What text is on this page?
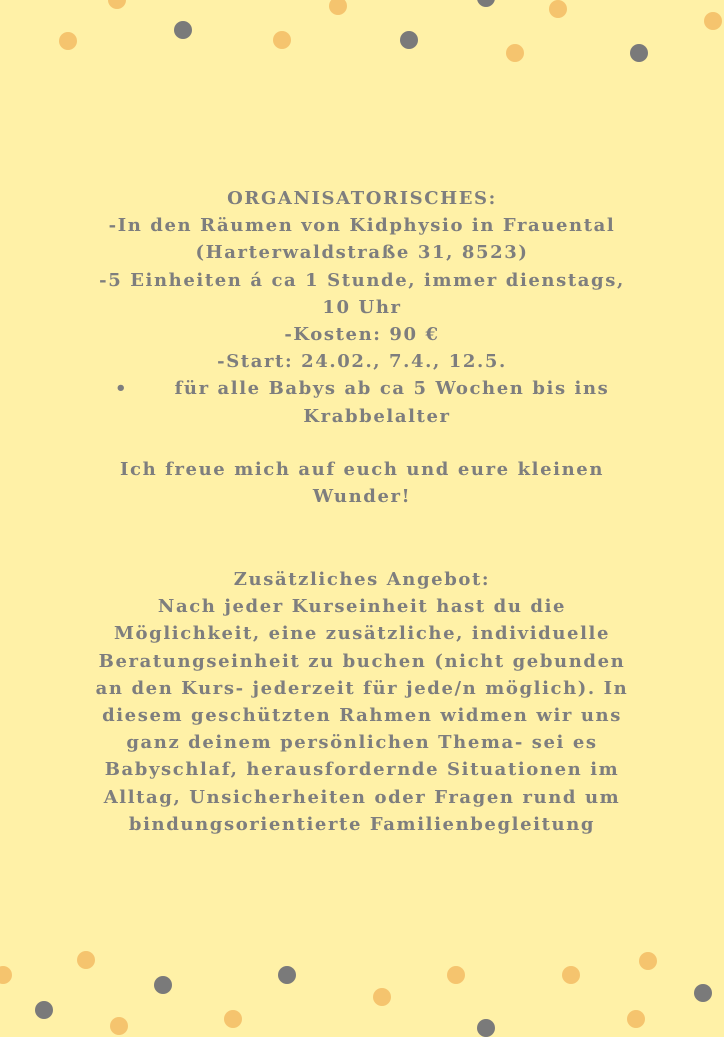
ORGANISATORISCHES:
-In den Räumen von Kidphysio in Frauental
(Harterwaldstraße 31, 8523)
-5 Einheiten á ca 1 Stunde, immer dienstags,
10 Uhr
-Kosten: 90 €
-Start: 24.02., 7.4., 12.5.
•	für alle Babys ab ca 5 Wochen bis ins
Krabbelalter
Ich freue mich auf euch und eure kleinen
Wunder!
Zusätzliches Angebot:
Nach jeder Kurseinheit hast du die
Möglichkeit, eine zusätzliche, individuelle
Beratungseinheit zu buchen (nicht gebunden
an den Kurs- jederzeit für jede/n möglich). In
diesem geschützten Rahmen widmen wir uns
ganz deinem persönlichen Thema- sei es
Babyschlaf, herausfordernde Situationen im
Alltag, Unsicherheiten oder Fragen rund um
bindungsorientierte Familienbegleitung
